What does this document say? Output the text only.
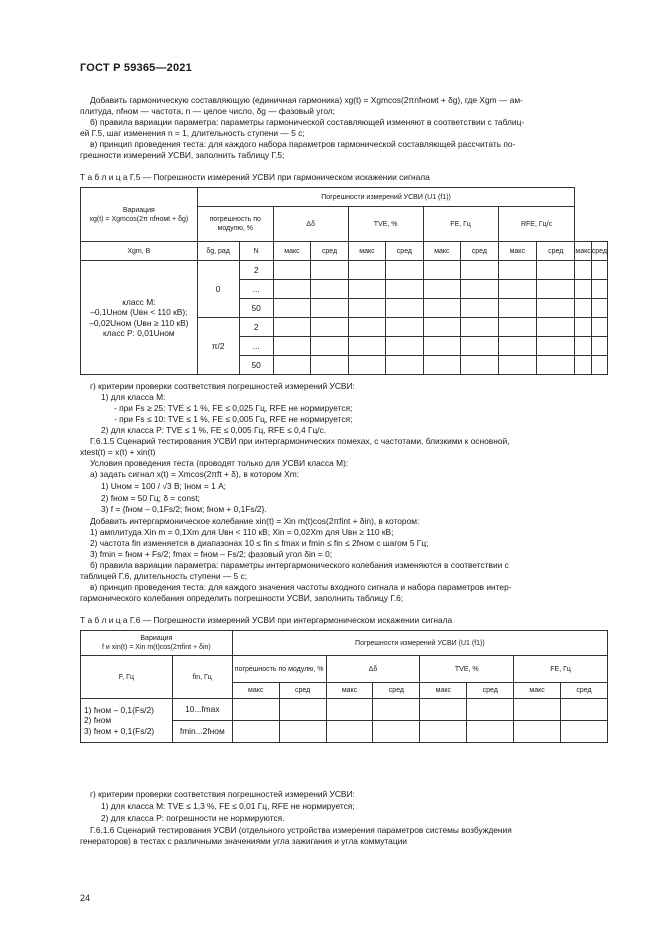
ГОСТ Р 59365—2021
Добавить гармоническую составляющую (единичная гармоника) xg(t) = Xgmcos(2πnfномt + δg), где Xgm — ам-
плитуда, nfном — частота, n — целое число, δg — фазовый угол;
б) правила вариации параметра: параметры гармонической составляющей изменяют в соответствии с таблиц-
ей Г.5, шаг изменения n = 1, длительность ступени — 5 с;
в) принцип проведения теста: для каждого набора параметров гармонической составляющей рассчитать по-
грешности измерений УСВИ, заполнить таблицу Г.5;
Т а б л и ц а Г.5 — Погрешности измерений УСВИ при гармоническом искажении сигнала
Вариация
xg(t) = Xgmcos(2π nfномt + δg)	Погрешности измерений УСВИ (U1 (f1))											
	погрешность по модулю, %		Δδ		TVE, %		FE, Гц		RFE, Гц/с			
Xgm, В	δg, рад	N	макс	сред	макс	сред	макс	сред	макс	сред	макс	сред

класс M:
–0,1Uном (Uвн < 110 кВ);
–0,02Uном (Uвн ≥ 110 кВ)
класс P: 0,01Uном	0	2										
		...										
		50										
	π/2	2										
		...										
		50										
г) критерии проверки соответствия погрешностей измерений УСВИ:
1) для класса M:
- при Fs ≥ 25: TVE ≤ 1 %, FE ≤ 0,025 Гц, RFE не нормируется;
- при Fs ≤ 10: TVE ≤ 1 %, FE ≤ 0,005 Гц, RFE не нормируется;
2) для класса P: TVE ≤ 1 %, FE ≤ 0,005 Гц, RFE ≤ 0,4 Гц/с.
Г.6.1.5 Сценарий тестирования УСВИ при интергармонических помехах, с частотами, близкими к основной,
xtest(t) = x(t) + xin(t)
Условия проведения теста (проводят только для УСВИ класса M):
а) задать сигнал x(t) = Xmcos(2πft + δ), в котором Xm:
1) Uном = 100 / √3 В; Iном = 1 А;
2) fном = 50 Гц; δ = const;
3) f = {fном – 0,1Fs/2; fном; fном + 0,1Fs/2}.
Добавить интергармоническое колебание xin(t) = Xin m(t)cos(2πfint + δin), в котором:
1) амплитуда Xin m = 0,1Xm для Uвн < 110 кВ; Xin = 0,02Xm для Uвн ≥ 110 кВ;
2) частота fin изменяется в диапазонах 10 ≤ fin ≤ fmax и fmin ≤ fin ≤ 2fном с шагом 5 Гц;
3) fmin = fном + Fs/2; fmax = fном – Fs/2; фазовый угол δin = 0;
б) правила вариации параметра: параметры интергармонического колебания изменяются в соответствии с
таблицей Г.6, длительность ступени — 5 с;
в) принцип проведения теста: для каждого значения частоты входного сигнала и набора параметров интер-
гармонического колебания определить погрешности УСВИ, заполнить таблицу Г.6;
Т а б л и ц а Г.6 — Погрешности измерений УСВИ при интергармоническом искажении сигнала
Вариация
f и xin(t) = Xin m(t)cos(2πfint + δin)		Погрешности измерений УСВИ (U1 (f1))							
F, Гц	fin, Гц	погрешность по модулю, %		Δδ		TVE, %		FE, Гц	
		макс	сред	макс	сред	макс	сред	макс	сред

1) fном – 0,1(Fs/2)
2) fном
3) fном + 0,1(Fs/2)	10...fmax								
	fmin...2fном								
г) критерии проверки соответствия погрешностей измерений УСВИ:
1) для класса M: TVE ≤ 1,3 %, FE ≤ 0,01 Гц, RFE не нормируется;
2) для класса P: погрешности не нормируются.
Г.6.1.6 Сценарий тестирования УСВИ (отдельного устройства измерения параметров системы возбуждения
генераторов) в тестах с различными значениями угла зажигания и угла коммутации
24
